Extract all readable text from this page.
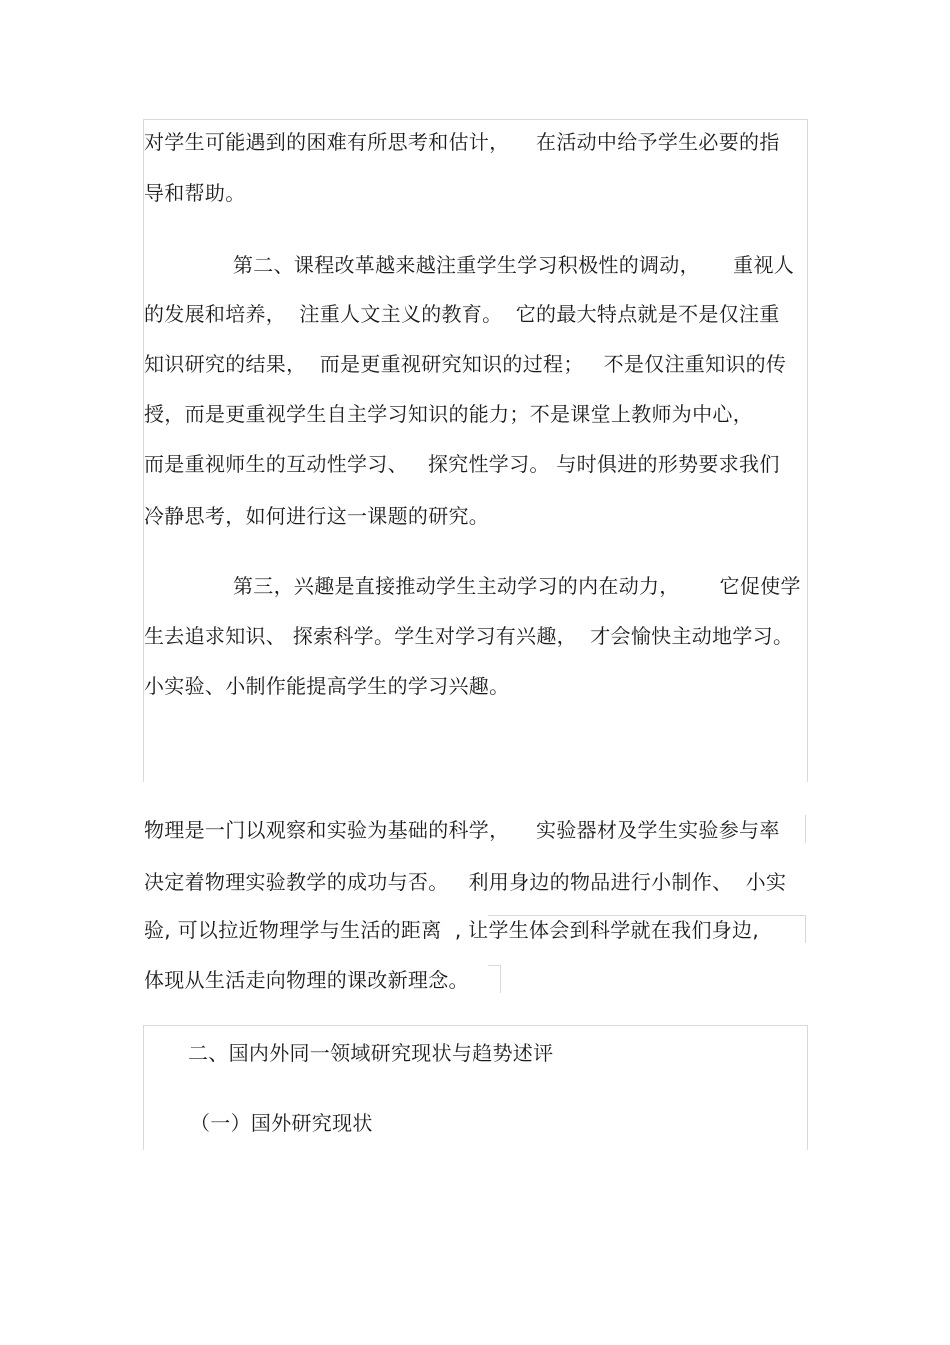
对学生可能遇到的困难有所思考和估计，    在活动中给予学生必要的指
导和帮助。
第二、课程改革越来越注重学生学习积极性的调动，     重视人
的发展和培养，  注重人文主义的教育。  它的最大特点就是不是仅注重
知识研究的结果，  而是更重视研究知识的过程；   不是仅注重知识的传
授，而是更重视学生自主学习知识的能力；不是课堂上教师为中心，
而是重视师生的互动性学习、   探究性学习。 与时俱进的形势要求我们
冷静思考，如何进行这一课题的研究。
第三，兴趣是直接推动学生主动学习的内在动力，      它促使学
生去追求知识、 探索科学。学生对学习有兴趣，  才会愉快主动地学习。
小实验、小制作能提高学生的学习兴趣。
物理是一门以观察和实验为基础的科学，    实验器材及学生实验参与率
决定着物理实验教学的成功与否。   利用身边的物品进行小制作、  小实
验, 可以拉近物理学与生活的距离  , 让学生体会到科学就在我们身边,
体现从生活走向物理的课改新理念。
二、国内外同一领域研究现状与趋势述评
（一）国外研究现状
